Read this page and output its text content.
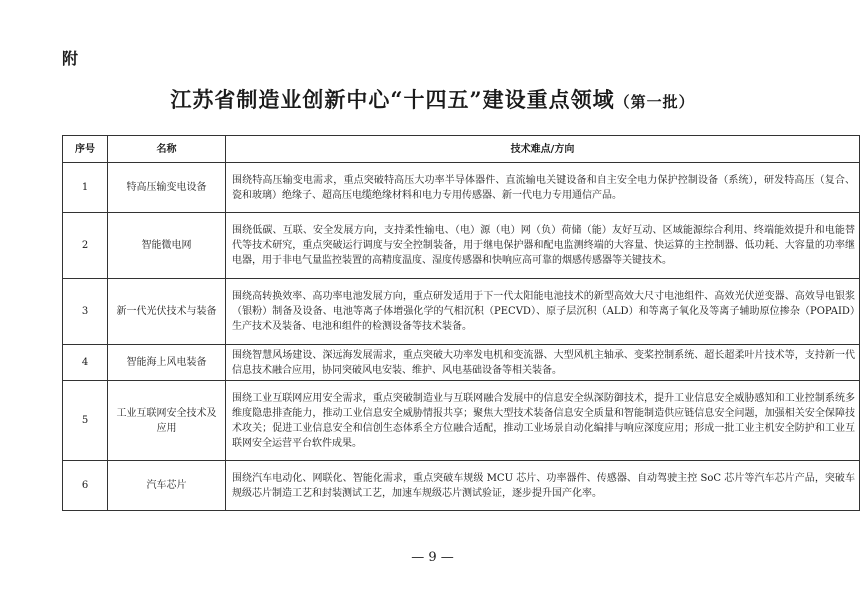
附
江苏省制造业创新中心“十四五”建设重点领域（第一批）
序号	名称	技术难点/方向
1	特高压输变电设备	围绕特高压输变电需求，重点突破特高压大功率半导体器件、直流输电关键设备和自主安全电力保护控制设备（系统），研发特高压（复合、瓷和玻璃）绝缘子、超高压电缆绝缘材料和电力专用传感器、新一代电力专用通信产品。
2	智能微电网	围绕低碳、互联、安全发展方向，支持柔性输电、（电）源（电）网（负）荷储（能）友好互动、区域能源综合利用、终端能效提升和电能替代等技术研究，重点突破运行调度与安全控制装备，用于继电保护器和配电监测终端的大容量、快运算的主控制器、低功耗、大容量的功率继电器，用于非电气量监控装置的高精度温度、湿度传感器和快响应高可靠的烟感传感器等关键技术。
3	新一代光伏技术与装备	围绕高转换效率、高功率电池发展方向，重点研发适用于下一代太阳能电池技术的新型高效大尺寸电池组件、高效光伏逆变器、高效导电银浆（银粉）制备及设备、电池等离子体增强化学的气相沉积（PECVD）、原子层沉积（ALD）和等离子氧化及等离子辅助原位掺杂（POPAID）生产技术及装备、电池和组件的检测设备等技术装备。
4	智能海上风电装备	围绕智慧风场建设、深远海发展需求，重点突破大功率发电机和变流器、大型风机主轴承、变桨控制系统、超长超柔叶片技术等，支持新一代信息技术融合应用，协同突破风电安装、维护、风电基础设备等相关装备。
5	工业互联网安全技术及应用	围绕工业互联网应用安全需求，重点突破制造业与互联网融合发展中的信息安全纵深防御技术，提升工业信息安全威胁感知和工业控制系统多维度隐患排查能力，推动工业信息安全威胁情报共享；聚焦大型技术装备信息安全质量和智能制造供应链信息安全问题，加强相关安全保障技术攻关；促进工业信息安全和信创生态体系全方位融合适配，推动工业场景自动化编排与响应深度应用；形成一批工业主机安全防护和工业互联网安全运营平台软件成果。
6	汽车芯片	围绕汽车电动化、网联化、智能化需求，重点突破车规级 MCU 芯片、功率器件、传感器、自动驾驶主控 SoC 芯片等汽车芯片产品，突破车规级芯片制造工艺和封装测试工艺，加速车规级芯片测试验证，逐步提升国产化率。
— 9 —
